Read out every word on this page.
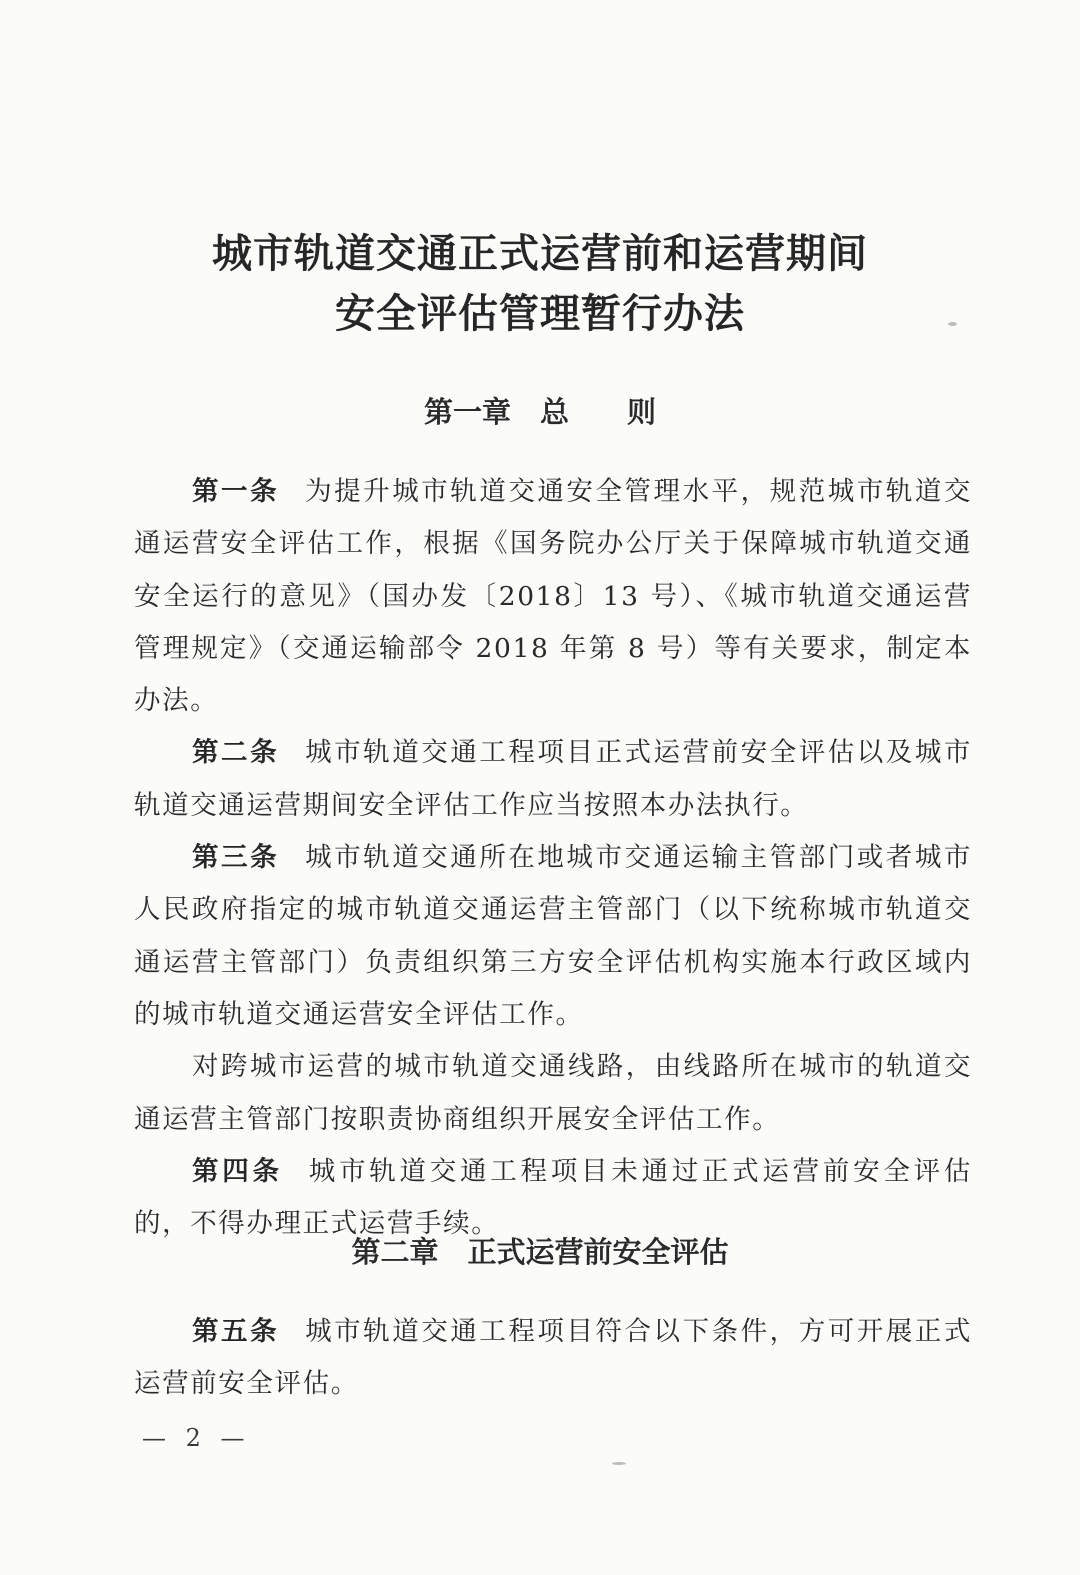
城市轨道交通正式运营前和运营期间
安全评估管理暂行办法
第一章　总　　则

第一条 为提升城市轨道交通安全管理水平，规范城市轨道交通运营安全评估工作，根据《国务院办公厅关于保障城市轨道交通安全运行的意见》（国办发〔2018〕13 号）、《城市轨道交通运营管理规定》（交通运输部令 2018 年第 8 号）等有关要求，制定本办法。

第二条 城市轨道交通工程项目正式运营前安全评估以及城市轨道交通运营期间安全评估工作应当按照本办法执行。

第三条 城市轨道交通所在地城市交通运输主管部门或者城市人民政府指定的城市轨道交通运营主管部门（以下统称城市轨道交通运营主管部门）负责组织第三方安全评估机构实施本行政区域内的城市轨道交通运营安全评估工作。

对跨城市运营的城市轨道交通线路，由线路所在城市的轨道交通运营主管部门按职责协商组织开展安全评估工作。

第四条 城市轨道交通工程项目未通过正式运营前安全评估的，不得办理正式运营手续。

第二章　正式运营前安全评估

第五条 城市轨道交通工程项目符合以下条件，方可开展正式运营前安全评估。

— 2 —
